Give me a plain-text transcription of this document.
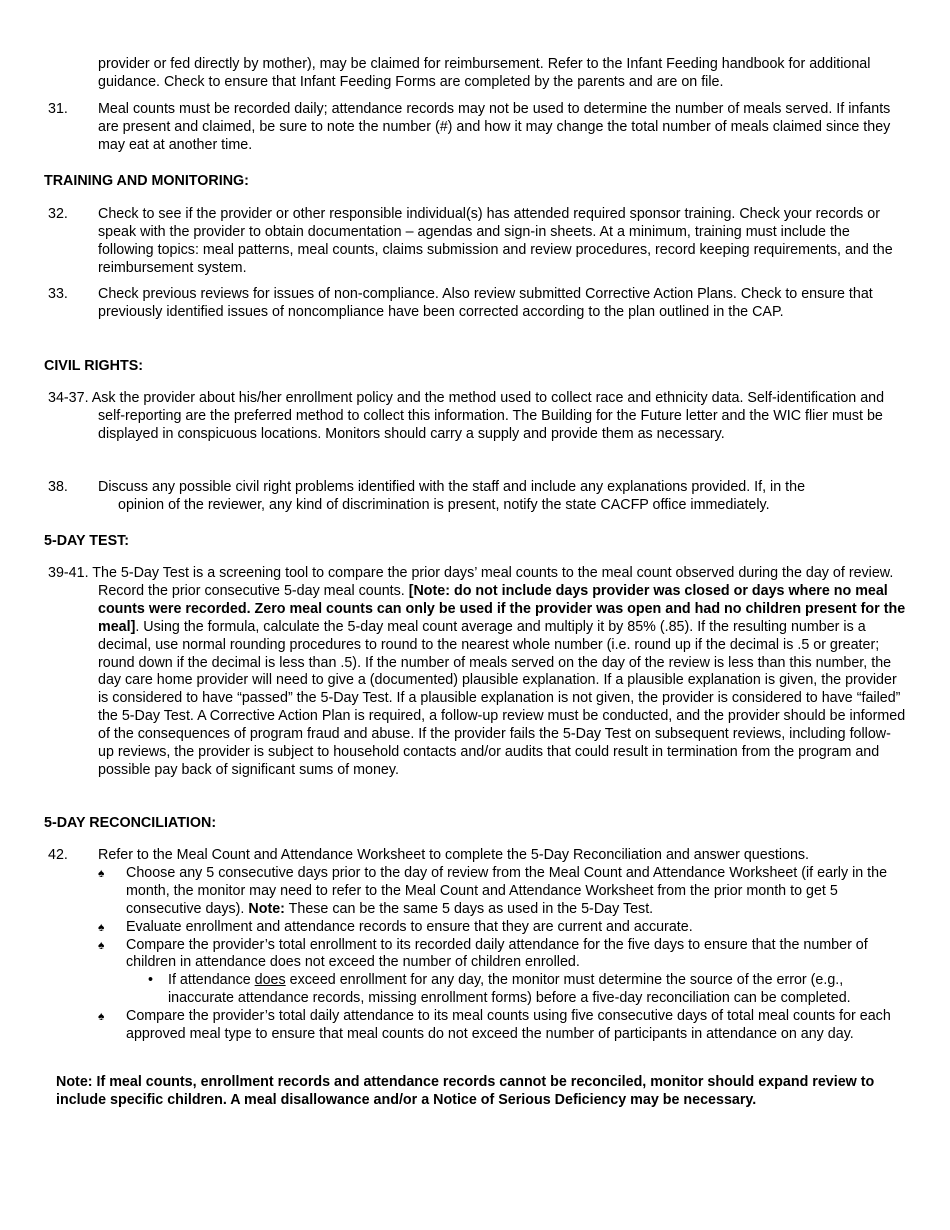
provider or fed directly by mother), may be claimed for reimbursement. Refer to the Infant Feeding handbook for additional guidance. Check to ensure that Infant Feeding Forms are completed by the parents and are on file.
31. Meal counts must be recorded daily; attendance records may not be used to determine the number of meals served. If infants are present and claimed, be sure to note the number (#) and how it may change the total number of meals claimed since they may eat at another time.
TRAINING AND MONITORING:
32. Check to see if the provider or other responsible individual(s) has attended required sponsor training. Check your records or speak with the provider to obtain documentation – agendas and sign-in sheets. At a minimum, training must include the following topics: meal patterns, meal counts, claims submission and review procedures, record keeping requirements, and the reimbursement system.
33. Check previous reviews for issues of non-compliance. Also review submitted Corrective Action Plans. Check to ensure that previously identified issues of noncompliance have been corrected according to the plan outlined in the CAP.
CIVIL RIGHTS:
34-37. Ask the provider about his/her enrollment policy and the method used to collect race and ethnicity data. Self-identification and self-reporting are the preferred method to collect this information. The Building for the Future letter and the WIC flier must be displayed in conspicuous locations. Monitors should carry a supply and provide them as necessary.
38. Discuss any possible civil right problems identified with the staff and include any explanations provided. If, in the
opinion of the reviewer, any kind of discrimination is present, notify the state CACFP office immediately.
5-DAY TEST:
39-41. The 5-Day Test is a screening tool to compare the prior days’ meal counts to the meal count observed during the day of review. Record the prior consecutive 5-day meal counts. [Note: do not include days provider was closed or days where no meal counts were recorded. Zero meal counts can only be used if the provider was open and had no children present for the meal]. Using the formula, calculate the 5-day meal count average and multiply it by 85% (.85). If the resulting number is a decimal, use normal rounding procedures to round to the nearest whole number (i.e. round up if the decimal is .5 or greater; round down if the decimal is less than .5). If the number of meals served on the day of the review is less than this number, the day care home provider will need to give a (documented) plausible explanation. If a plausible explanation is given, the provider is considered to have “passed” the 5-Day Test. If a plausible explanation is not given, the provider is considered to have “failed” the 5-Day Test. A Corrective Action Plan is required, a follow-up review must be conducted, and the provider should be informed of the consequences of program fraud and abuse. If the provider fails the 5-Day Test on subsequent reviews, including follow-up reviews, the provider is subject to household contacts and/or audits that could result in termination from the program and possible pay back of significant sums of money.
5-DAY RECONCILIATION:
42. Refer to the Meal Count and Attendance Worksheet to complete the 5-Day Reconciliation and answer questions.
♠ Choose any 5 consecutive days prior to the day of review from the Meal Count and Attendance Worksheet (if early in the month, the monitor may need to refer to the Meal Count and Attendance Worksheet from the prior month to get 5 consecutive days). Note: These can be the same 5 days as used in the 5-Day Test.
♠ Evaluate enrollment and attendance records to ensure that they are current and accurate.
♠ Compare the provider’s total enrollment to its recorded daily attendance for the five days to ensure that the number of children in attendance does not exceed the number of children enrolled.
• If attendance does exceed enrollment for any day, the monitor must determine the source of the error (e.g., inaccurate attendance records, missing enrollment forms) before a five-day reconciliation can be completed.
♠ Compare the provider’s total daily attendance to its meal counts using five consecutive days of total meal counts for each approved meal type to ensure that meal counts do not exceed the number of participants in attendance on any day.
Note: If meal counts, enrollment records and attendance records cannot be reconciled, monitor should expand review to include specific children. A meal disallowance and/or a Notice of Serious Deficiency may be necessary.
